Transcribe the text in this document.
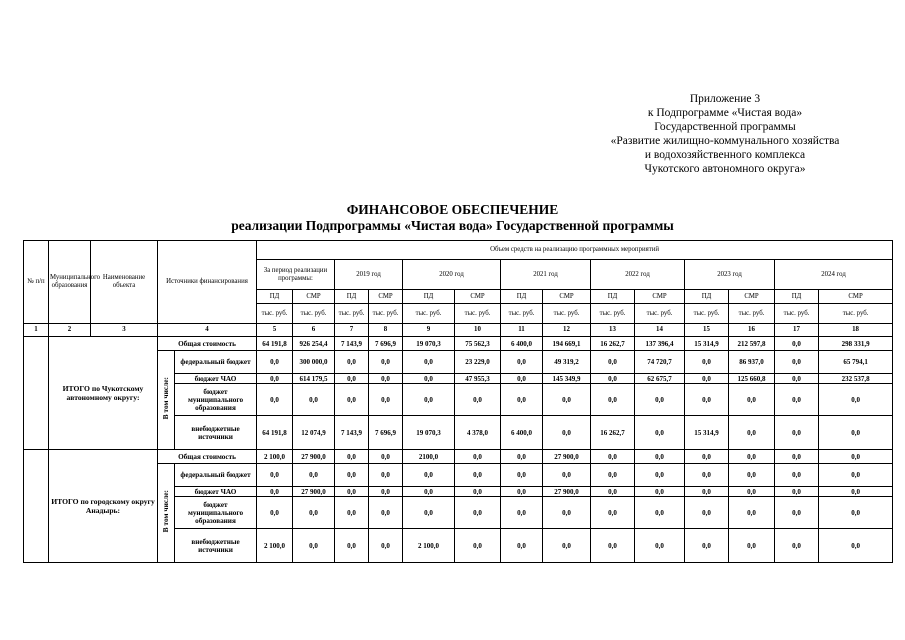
Приложение 3
к Подпрограмме «Чистая вода»
Государственной программы
«Развитие жилищно-коммунального хозяйства
и водохозяйственного комплекса
Чукотского автономного округа»
ФИНАНСОВОЕ ОБЕСПЕЧЕНИЕ
реализации Подпрограммы «Чистая вода» Государственной программы
№ п/п	Муниципального образования	Наименование объекта	Источники финансирования		Объем средств на реализацию программных мероприятий													
					За период реализации программы:		2019 год		2020 год		2021 год		2022 год		2023 год		2024 год	
					ПД	СМР	ПД	СМР	ПД	СМР	ПД	СМР	ПД	СМР	ПД	СМР	ПД	СМР
					тыс. руб.	тыс. руб.	тыс. руб.	тыс. руб.	тыс. руб.	тыс. руб.	тыс. руб.	тыс. руб.	тыс. руб.	тыс. руб.	тыс. руб.	тыс. руб.	тыс. руб.	тыс. руб.
1	2	3	4		5	6	7	8	9	10	11	12	13	14	15	16	17	18
	ИТОГО по Чукотскому автономному округу:		Общая стоимость		64 191,8	926 254,4	7 143,9	7 696,9	19 070,3	75 562,3	6 400,0	194 669,1	16 262,7	137 396,4	15 314,9	212 597,8	0,0	298 331,9
			В том числе:	федеральный бюджет	0,0	300 000,0	0,0	0,0	0,0	23 229,0	0,0	49 319,2	0,0	74 720,7	0,0	86 937,0	0,0	65 794,1
				бюджет ЧАО	0,0	614 179,5	0,0	0,0	0,0	47 955,3	0,0	145 349,9	0,0	62 675,7	0,0	125 660,8	0,0	232 537,8
				бюджет муниципального образования	0,0	0,0	0,0	0,0	0,0	0,0	0,0	0,0	0,0	0,0	0,0	0,0	0,0	0,0
				внебюджетные источники	64 191,8	12 074,9	7 143,9	7 696,9	19 070,3	4 378,0	6 400,0	0,0	16 262,7	0,0	15 314,9	0,0	0,0	0,0
	ИТОГО по городскому округу Анадырь:		Общая стоимость		2 100,0	27 900,0	0,0	0,0	2100,0	0,0	0,0	27 900,0	0,0	0,0	0,0	0,0	0,0	0,0
			В том числе:	федеральный бюджет	0,0	0,0	0,0	0,0	0,0	0,0	0,0	0,0	0,0	0,0	0,0	0,0	0,0	0,0
				бюджет ЧАО	0,0	27 900,0	0,0	0,0	0,0	0,0	0,0	27 900,0	0,0	0,0	0,0	0,0	0,0	0,0
				бюджет муниципального образования	0,0	0,0	0,0	0,0	0,0	0,0	0,0	0,0	0,0	0,0	0,0	0,0	0,0	0,0
				внебюджетные источники	2 100,0	0,0	0,0	0,0	2 100,0	0,0	0,0	0,0	0,0	0,0	0,0	0,0	0,0	0,0
